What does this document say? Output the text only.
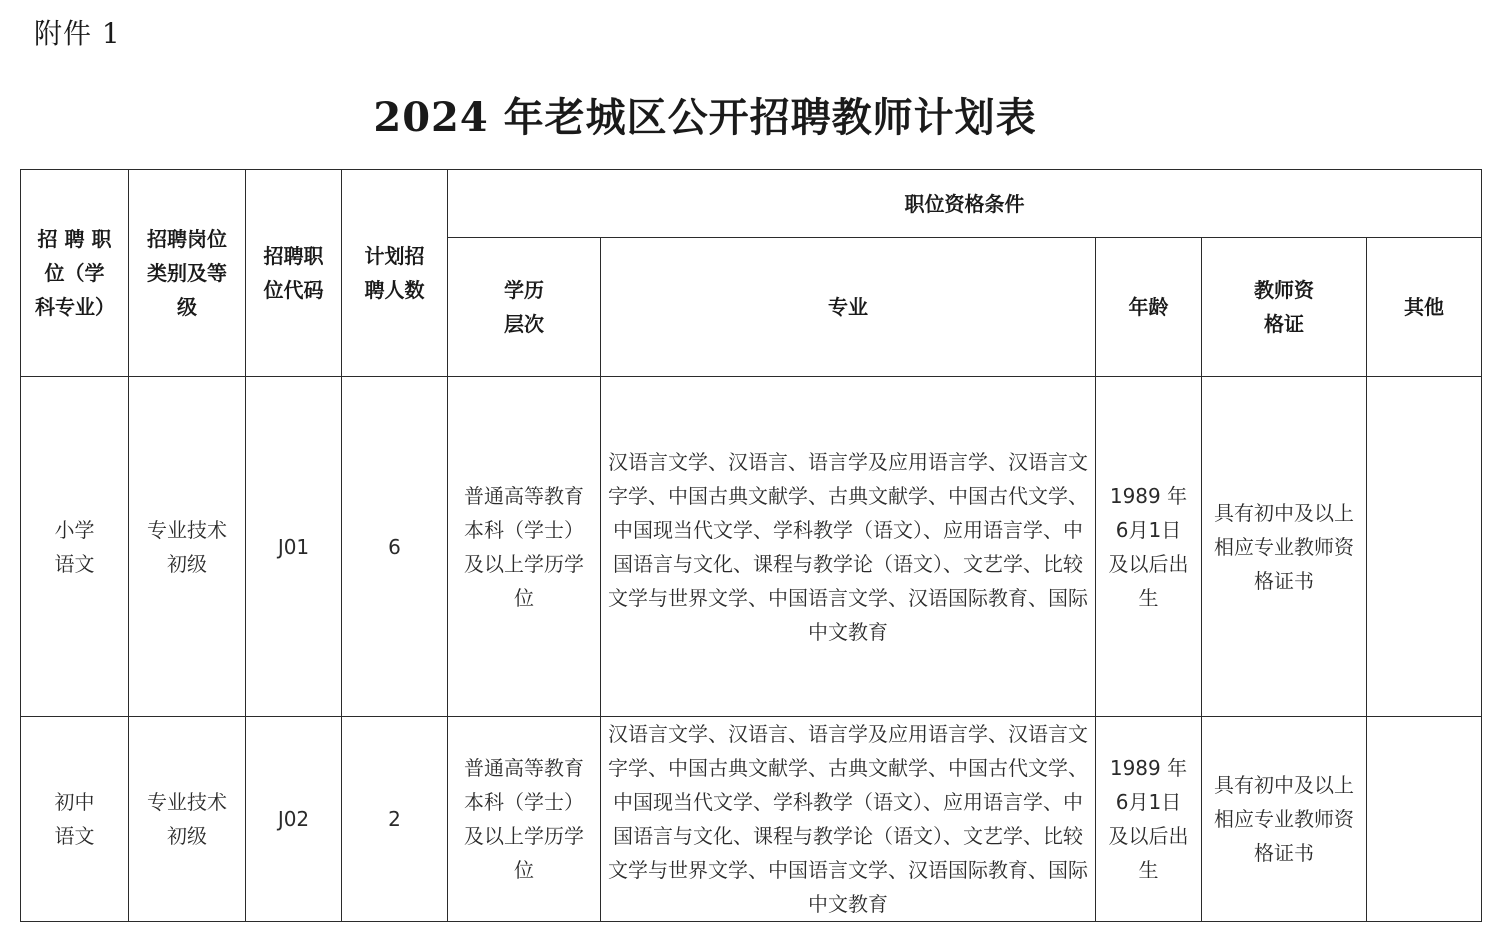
附件 1
2024 年老城区公开招聘教师计划表
招 聘 职位（学科专业）	招聘岗位类别及等级	招聘职位代码	计划招聘人数	职位资格条件				
				学历层次	专业	年龄	教师资格证	其他
小学语文	专业技术初级	J01	6	普通高等教育本科（学士）及以上学历学位	汉语言文学、汉语言、语言学及应用语言学、汉语言文字学、中国古典文献学、古典文献学、中国古代文学、中国现当代文学、学科教学（语文）、应用语言学、中国语言与文化、课程与教学论（语文）、文艺学、比较文学与世界文学、中国语言文学、汉语国际教育、国际中文教育	1989 年6月1日及以后出生	具有初中及以上相应专业教师资格证书	
初中语文	专业技术初级	J02	2	普通高等教育本科（学士）及以上学历学位	汉语言文学、汉语言、语言学及应用语言学、汉语言文字学、中国古典文献学、古典文献学、中国古代文学、中国现当代文学、学科教学（语文）、应用语言学、中国语言与文化、课程与教学论（语文）、文艺学、比较文学与世界文学、中国语言文学、汉语国际教育、国际中文教育	1989 年6月1日及以后出生	具有初中及以上相应专业教师资格证书	
